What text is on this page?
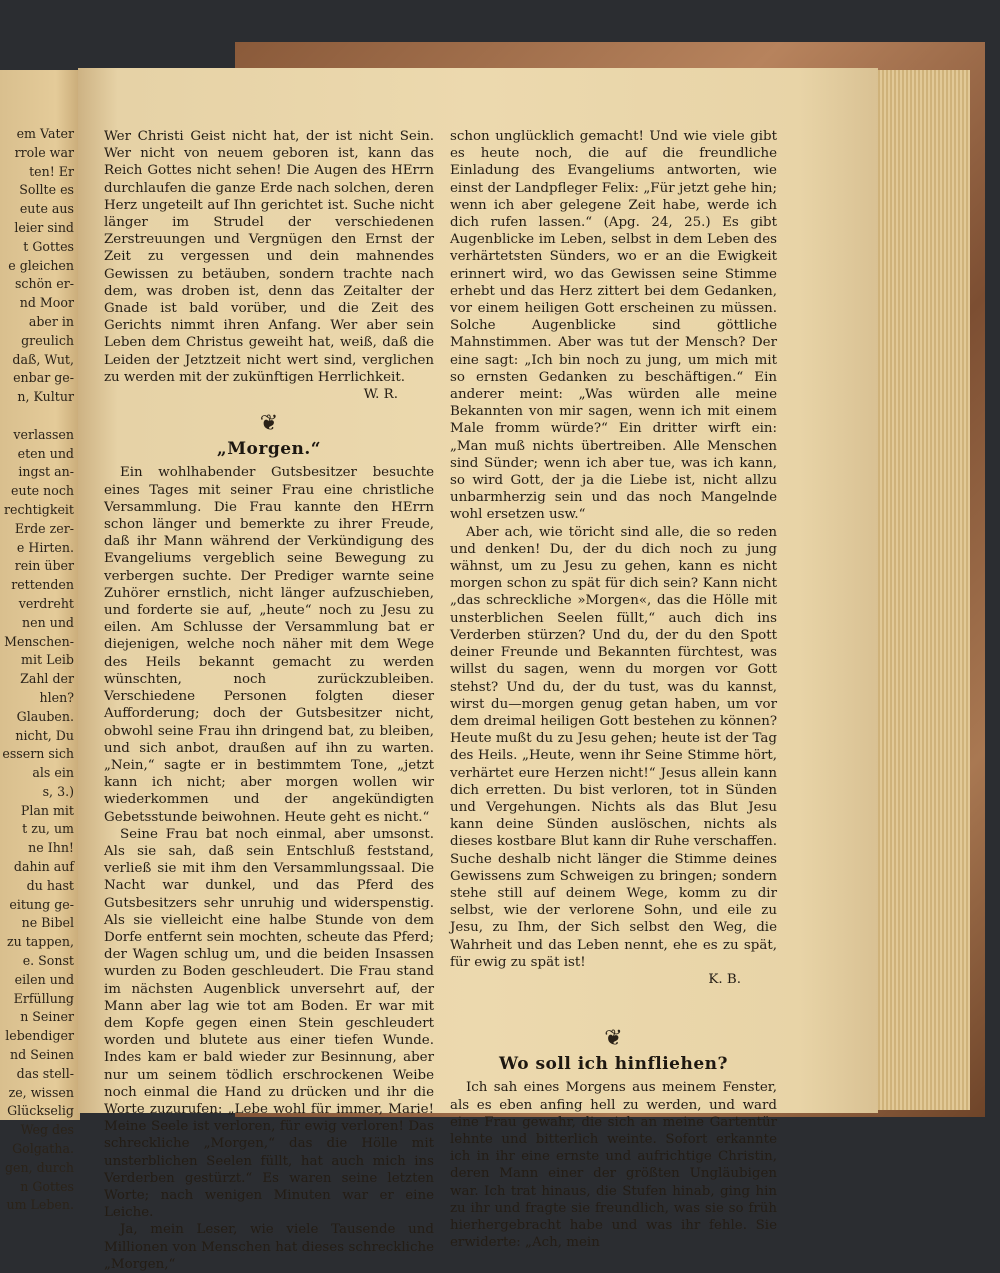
em Vater
rrole war
ten! Er
Sollte es
eute aus
leier sind
t Gottes
e gleichen
schön er-
nd Moor
aber in
greulich
daß, Wut,
enbar ge-
n, Kultur
verlassen
eten und
ingst an-
eute noch
rechtigkeit
Erde zer-
e Hirten.
rein über
rettenden
verdreht
nen und
Menschen-
mit Leib
Zahl der
hlen?
Glauben.
nicht, Du
essern sich
als ein
s, 3.)
Plan mit
t zu, um
ne Ihn!
dahin auf
du hast
eitung ge-
ne Bibel
zu tappen,
e. Sonst
eilen und
Erfüllung
n Seiner
lebendiger
nd Seinen
das stell-
ze, wissen
Glückselig
Weg des
Golgatha.
gen, durch
n Gottes
um Leben.

Wer Christi Geist nicht hat, der ist nicht Sein. Wer nicht von neuem geboren ist, kann das Reich Gottes nicht sehen! Die Augen des HErrn durchlaufen die ganze Erde nach solchen, deren Herz ungeteilt auf Ihn gerichtet ist. Suche nicht länger im Strudel der verschiedenen Zerstreuungen und Vergnügen den Ernst der Zeit zu vergessen und dein mahnendes Gewissen zu betäuben, sondern trachte nach dem, was droben ist, denn das Zeitalter der Gnade ist bald vorüber, und die Zeit des Gerichts nimmt ihren Anfang. Wer aber sein Leben dem Christus geweiht hat, weiß, daß die Leiden der Jetztzeit nicht wert sind, verglichen zu werden mit der zukünftigen Herrlichkeit.

W. R.
❦
„Morgen.“

Ein wohlhabender Gutsbesitzer besuchte eines Tages mit seiner Frau eine christliche Versammlung. Die Frau kannte den HErrn schon länger und bemerkte zu ihrer Freude, daß ihr Mann während der Verkündigung des Evangeliums vergeblich seine Bewegung zu verbergen suchte. Der Prediger warnte seine Zuhörer ernstlich, nicht länger aufzuschieben, und forderte sie auf, „heute“ noch zu Jesu zu eilen. Am Schlusse der Versammlung bat er diejenigen, welche noch näher mit dem Wege des Heils bekannt gemacht zu werden wünschten, noch zurückzubleiben. Verschiedene Personen folgten dieser Aufforderung; doch der Gutsbesitzer nicht, obwohl seine Frau ihn dringend bat, zu bleiben, und sich anbot, draußen auf ihn zu warten. „Nein,“ sagte er in bestimmtem Tone, „jetzt kann ich nicht; aber morgen wollen wir wiederkommen und der angekündigten Gebetsstunde beiwohnen. Heute geht es nicht.“

Seine Frau bat noch einmal, aber umsonst. Als sie sah, daß sein Entschluß feststand, verließ sie mit ihm den Versammlungssaal. Die Nacht war dunkel, und das Pferd des Gutsbesitzers sehr unruhig und widerspenstig. Als sie vielleicht eine halbe Stunde von dem Dorfe entfernt sein mochten, scheute das Pferd; der Wagen schlug um, und die beiden Insassen wurden zu Boden geschleudert. Die Frau stand im nächsten Augenblick unversehrt auf, der Mann aber lag wie tot am Boden. Er war mit dem Kopfe gegen einen Stein geschleudert worden und blutete aus einer tiefen Wunde. Indes kam er bald wieder zur Besinnung, aber nur um seinem tödlich erschrockenen Weibe noch einmal die Hand zu drücken und ihr die Worte zuzurufen: „Lebe wohl für immer, Marie! Meine Seele ist verloren, für ewig verloren! Das schreckliche „Morgen,“ das die Hölle mit unsterblichen Seelen füllt, hat auch mich ins Verderben gestürzt.“ Es waren seine letzten Worte; nach wenigen Minuten war er eine Leiche.

Ja, mein Leser, wie viele Tausende und Millionen von Menschen hat dieses schreckliche „Morgen,“

schon unglücklich gemacht! Und wie viele gibt es heute noch, die auf die freundliche Einladung des Evangeliums antworten, wie einst der Landpfleger Felix: „Für jetzt gehe hin; wenn ich aber gelegene Zeit habe, werde ich dich rufen lassen.“ (Apg. 24, 25.) Es gibt Augenblicke im Leben, selbst in dem Leben des verhärtetsten Sünders, wo er an die Ewigkeit erinnert wird, wo das Gewissen seine Stimme erhebt und das Herz zittert bei dem Gedanken, vor einem heiligen Gott erscheinen zu müssen. Solche Augenblicke sind göttliche Mahnstimmen. Aber was tut der Mensch? Der eine sagt: „Ich bin noch zu jung, um mich mit so ernsten Gedanken zu beschäftigen.“ Ein anderer meint: „Was würden alle meine Bekannten von mir sagen, wenn ich mit einem Male fromm würde?“ Ein dritter wirft ein: „Man muß nichts übertreiben. Alle Menschen sind Sünder; wenn ich aber tue, was ich kann, so wird Gott, der ja die Liebe ist, nicht allzu unbarmherzig sein und das noch Mangelnde wohl ersetzen usw.“

Aber ach, wie töricht sind alle, die so reden und denken! Du, der du dich noch zu jung wähnst, um zu Jesu zu gehen, kann es nicht morgen schon zu spät für dich sein? Kann nicht „das schreckliche »Morgen«, das die Hölle mit unsterblichen Seelen füllt,“ auch dich ins Verderben stürzen? Und du, der du den Spott deiner Freunde und Bekannten fürchtest, was willst du sagen, wenn du morgen vor Gott stehst? Und du, der du tust, was du kannst, wirst du—morgen genug getan haben, um vor dem dreimal heiligen Gott bestehen zu können? Heute mußt du zu Jesu gehen; heute ist der Tag des Heils. „Heute, wenn ihr Seine Stimme hört, verhärtet eure Herzen nicht!“ Jesus allein kann dich erretten. Du bist verloren, tot in Sünden und Vergehungen. Nichts als das Blut Jesu kann deine Sünden auslöschen, nichts als dieses kostbare Blut kann dir Ruhe verschaffen. Suche deshalb nicht länger die Stimme deines Gewissens zum Schweigen zu bringen; sondern stehe still auf deinem Wege, komm zu dir selbst, wie der verlorene Sohn, und eile zu Jesu, zu Ihm, der Sich selbst den Weg, die Wahrheit und das Leben nennt, ehe es zu spät, für ewig zu spät ist!

K. B.
❦
Wo soll ich hinfliehen?

Ich sah eines Morgens aus meinem Fenster, als es eben anfing hell zu werden, und ward eine Frau gewahr, die sich an meine Gartentür lehnte und bitterlich weinte. Sofort erkannte ich in ihr eine ernste und aufrichtige Christin, deren Mann einer der größten Ungläubigen war. Ich trat hinaus, die Stufen hinab, ging hin zu ihr und fragte sie freundlich, was sie so früh hierhergebracht habe und was ihr fehle. Sie erwiderte: „Ach, mein
